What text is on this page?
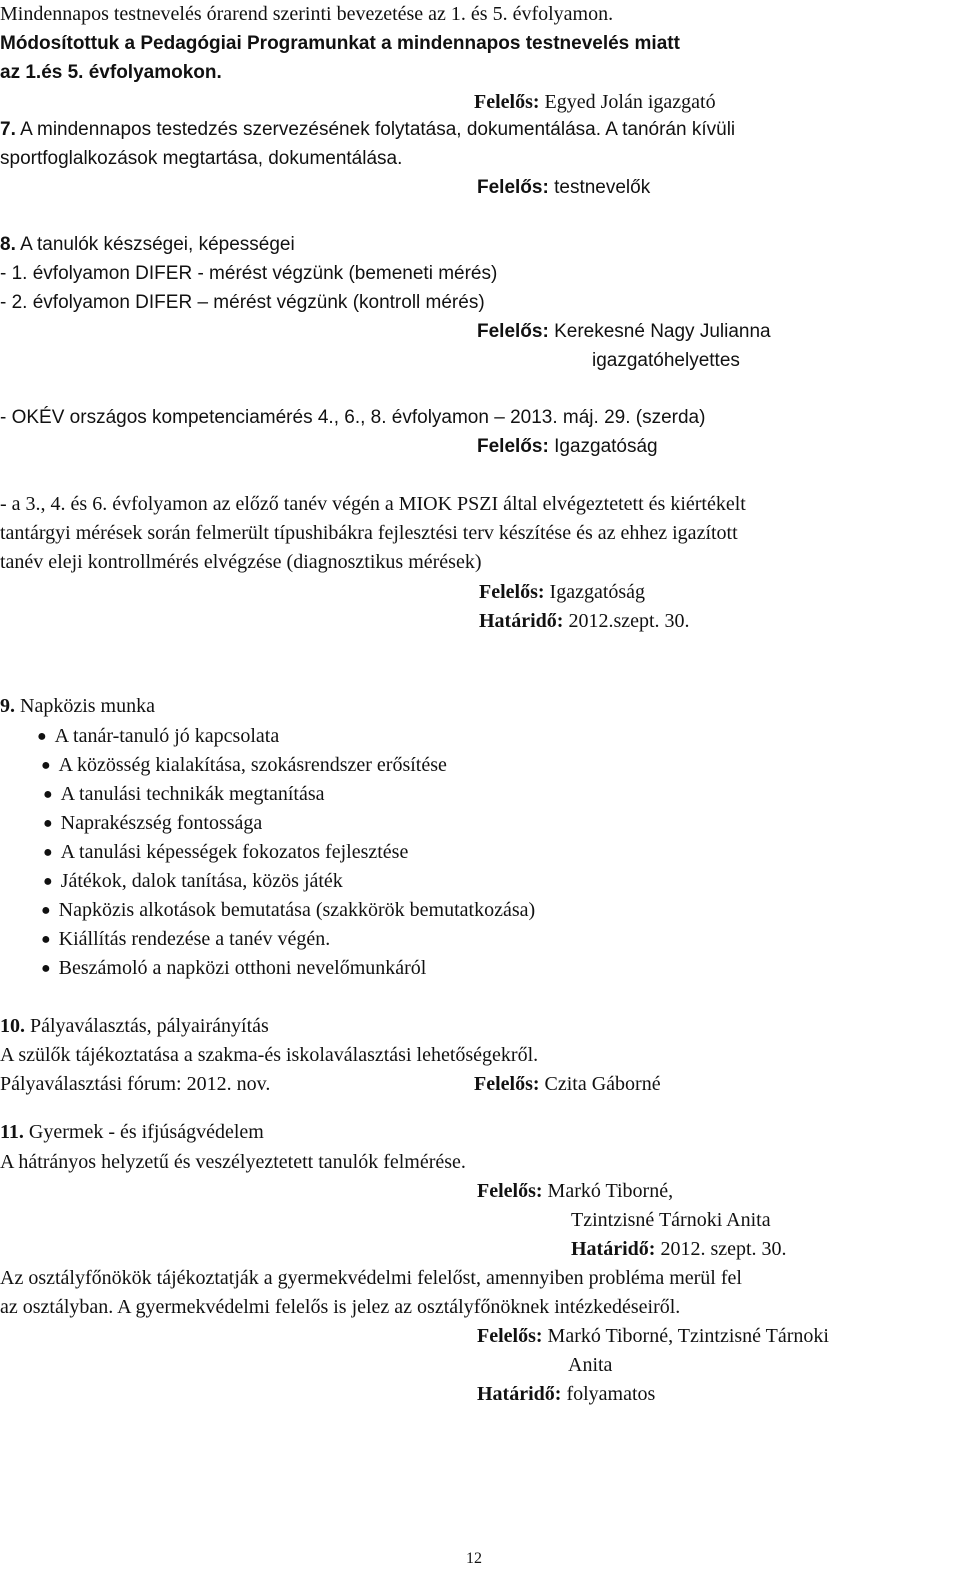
Mindennapos testnevelés órarend szerinti bevezetése az 1. és 5. évfolyamon.
Módosítottuk a Pedagógiai Programunkat a mindennapos testnevelés miatt
az 1.és 5. évfolyamokon.
Felelős: Egyed Jolán igazgató
7. A mindennapos testedzés szervezésének folytatása, dokumentálása. A tanórán kívüli
sportfoglalkozások megtartása, dokumentálása.
Felelős: testnevelők
8. A tanulók készségei, képességei
- 1. évfolyamon DIFER - mérést végzünk (bemeneti mérés)
- 2. évfolyamon DIFER – mérést végzünk (kontroll mérés)
Felelős: Kerekesné Nagy Julianna
igazgatóhelyettes
- OKÉV országos kompetenciamérés 4., 6., 8. évfolyamon – 2013. máj. 29. (szerda)
Felelős: Igazgatóság
- a 3., 4. és 6. évfolyamon az előző tanév végén a MIOK PSZI által elvégeztetett és kiértékelt
tantárgyi mérések során felmerült típushibákra fejlesztési terv készítése és az ehhez igazított
tanév eleji kontrollmérés elvégzése (diagnosztikus mérések)
Felelős: Igazgatóság
Határidő: 2012.szept. 30.
9. Napközis munka
● A tanár-tanuló jó kapcsolata
● A közösség kialakítása, szokásrendszer erősítése
● A tanulási technikák megtanítása
● Naprakészség fontossága
● A tanulási képességek fokozatos fejlesztése
● Játékok, dalok tanítása, közös játék
● Napközis alkotások bemutatása (szakkörök bemutatkozása)
● Kiállítás rendezése a tanév végén.
● Beszámoló a napközi otthoni nevelőmunkáról
10. Pályaválasztás, pályairányítás
A szülők tájékoztatása a szakma-és iskolaválasztási lehetőségekről.
Pályaválasztási fórum: 2012. nov.	Felelős: Czita Gáborné
11. Gyermek - és ifjúságvédelem
A hátrányos helyzetű és veszélyeztetett tanulók felmérése.
Felelős: Markó Tiborné,
Tzintzisné Tárnoki Anita
Határidő: 2012. szept. 30.
Az osztályfőnökök tájékoztatják a gyermekvédelmi felelőst, amennyiben probléma merül fel
az osztályban. A gyermekvédelmi felelős is jelez az osztályfőnöknek intézkedéseiről.
Felelős: Markó Tiborné, Tzintzisné Tárnoki
Anita
Határidő: folyamatos
12
